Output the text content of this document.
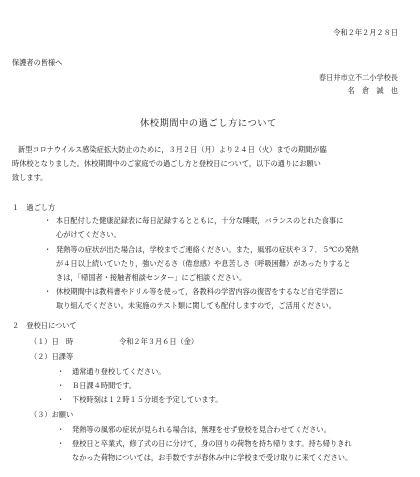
令和２年２月２８日
保護者の皆様へ
春日井市立不二小学校長
名　倉　誠　也
休校期間中の過ごし方について
新型コロナウイルス感染症拡大防止のために，３月２日（月）より２４日（火）までの期間が臨
時休校となりました。休校期間中のご家庭での過ごし方と登校日について，以下の通りにお願い
致します。
１　過ごし方
・ 本日配付した健康記録表に毎日記録するとともに，十分な睡眠，バランスのとれた食事に
心がけてください。
・ 発熱等の症状が出た場合は，学校までご連絡ください。また，風邪の症状や３７．５℃の発熱
が４日以上続いていたり，強いだるさ（倦怠感）や息苦しさ（呼吸困難）があったりすると
きは，「帰国者・接触者相談センター」にご相談ください。
・ 休校期間中は教科書やドリル等を使って，各教科の学習内容の復習をするなど自宅学習に
取り組んでください。未実施のテスト類に関しても配付しますので，ご活用ください。
２　登校日について
（１）日　時	令和２年３月６日（金）
（２）日課等
・ 通常通り登校してください。
・ Ｂ日課４時間です。
・ 下校時刻は１２時１５分頃を予定しています。
（３）お願い
・ 発熱等の風邪の症状が見られる場合は，無理をせず登校を見合わせてください。
・ 登校日と卒業式，修了式の日に分けて，身の回りの荷物を持ち帰ります。持ち帰りきれ
なかった荷物については，お手数ですが春休み中に学校まで受け取りに来てください。
